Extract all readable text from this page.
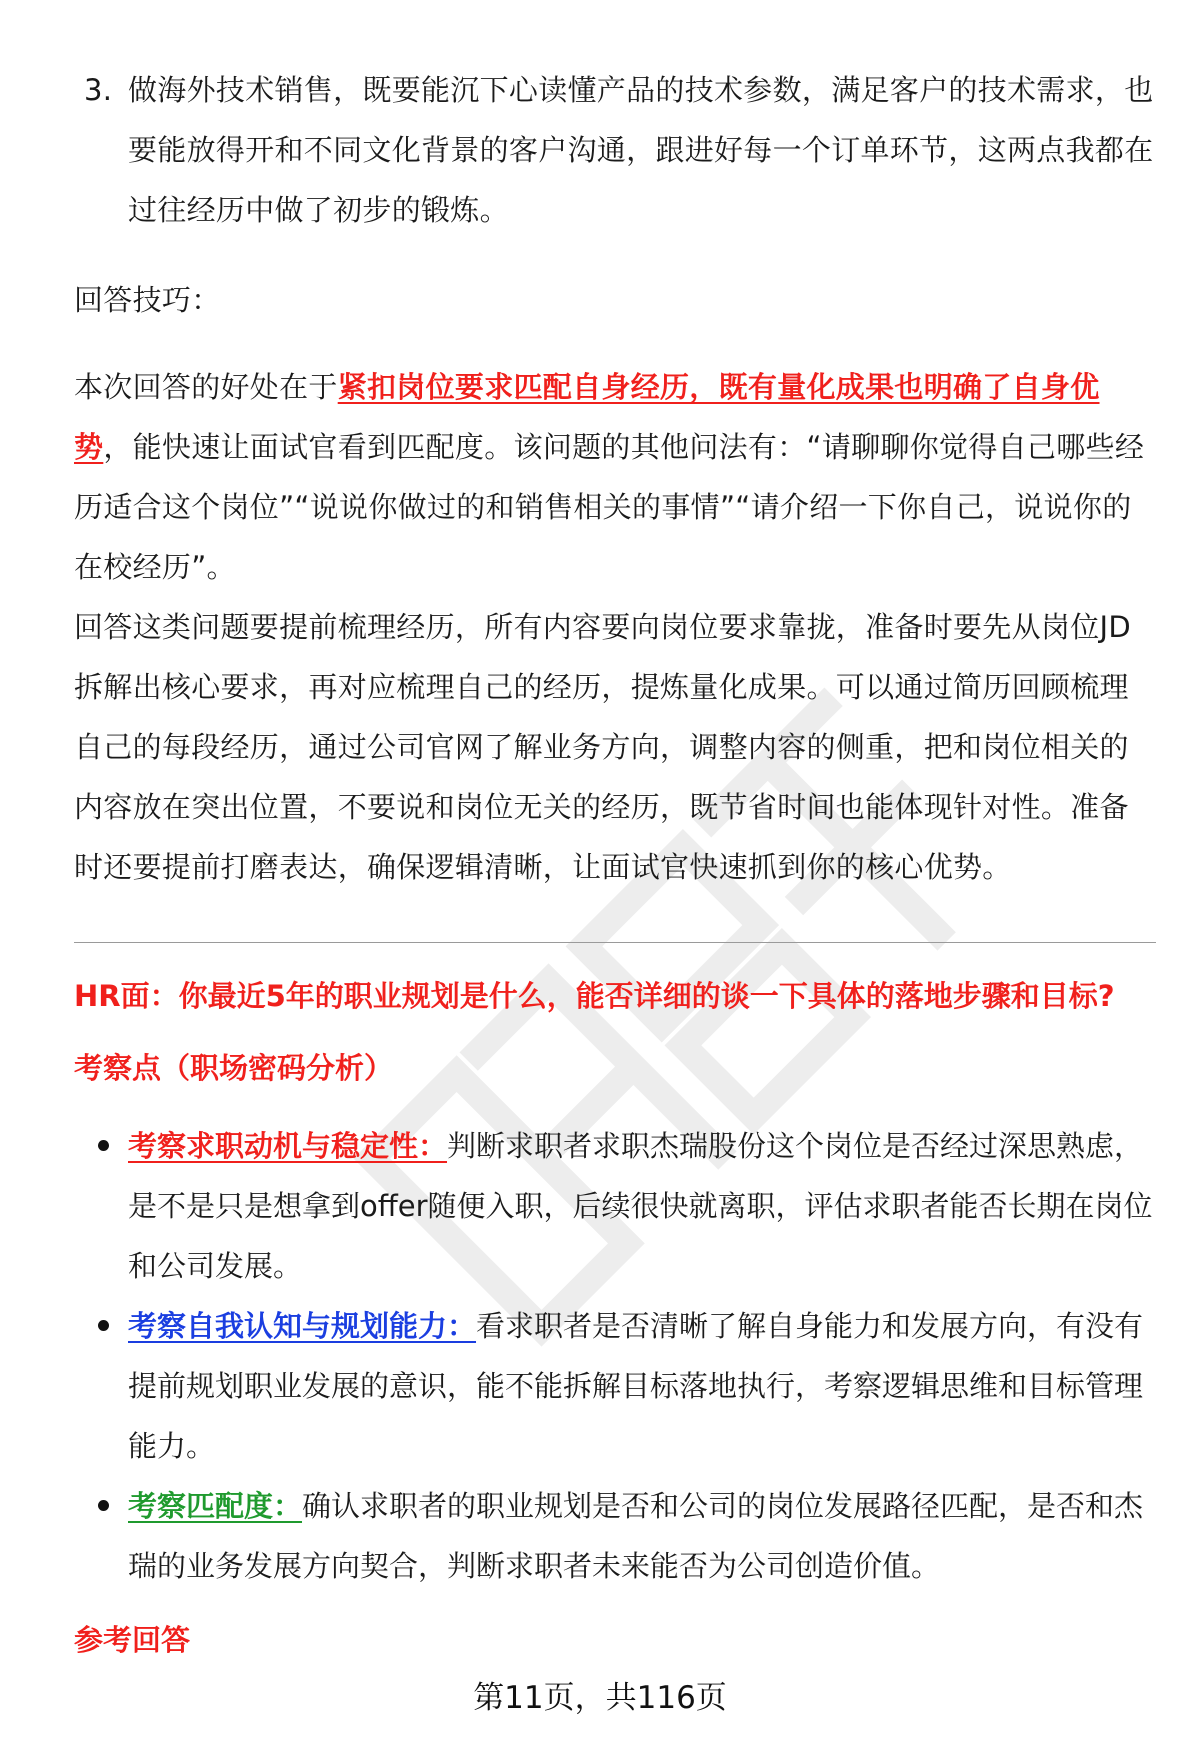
3. 做海外技术销售，既要能沉下心读懂产品的技术参数，满足客户的技术需求，也要能放得开和不同文化背景的客户沟通，跟进好每一个订单环节，这两点我都在过往经历中做了初步的锻炼。
回答技巧：
本次回答的好处在于紧扣岗位要求匹配自身经历，既有量化成果也明确了自身优势，能快速让面试官看到匹配度。该问题的其他问法有：“请聊聊你觉得自己哪些经历适合这个岗位”“说说你做过的和销售相关的事情”“请介绍一下你自己，说说你的在校经历”。
回答这类问题要提前梳理经历，所有内容要向岗位要求靠拢，准备时要先从岗位JD拆解出核心要求，再对应梳理自己的经历，提炼量化成果。可以通过简历回顾梳理自己的每段经历，通过公司官网了解业务方向，调整内容的侧重，把和岗位相关的内容放在突出位置，不要说和岗位无关的经历，既节省时间也能体现针对性。准备时还要提前打磨表达，确保逻辑清晰，让面试官快速抓到你的核心优势。
HR面：你最近5年的职业规划是什么，能否详细的谈一下具体的落地步骤和目标?
考察点（职场密码分析）
考察求职动机与稳定性：判断求职者求职杰瑞股份这个岗位是否经过深思熟虑，是不是只是想拿到offer随便入职，后续很快就离职，评估求职者能否长期在岗位和公司发展。
考察自我认知与规划能力：看求职者是否清晰了解自身能力和发展方向，有没有提前规划职业发展的意识，能不能拆解目标落地执行，考察逻辑思维和目标管理能力。
考察匹配度：确认求职者的职业规划是否和公司的岗位发展路径匹配，是否和杰瑞的业务发展方向契合，判断求职者未来能否为公司创造价值。
参考回答
第11页，共116页
